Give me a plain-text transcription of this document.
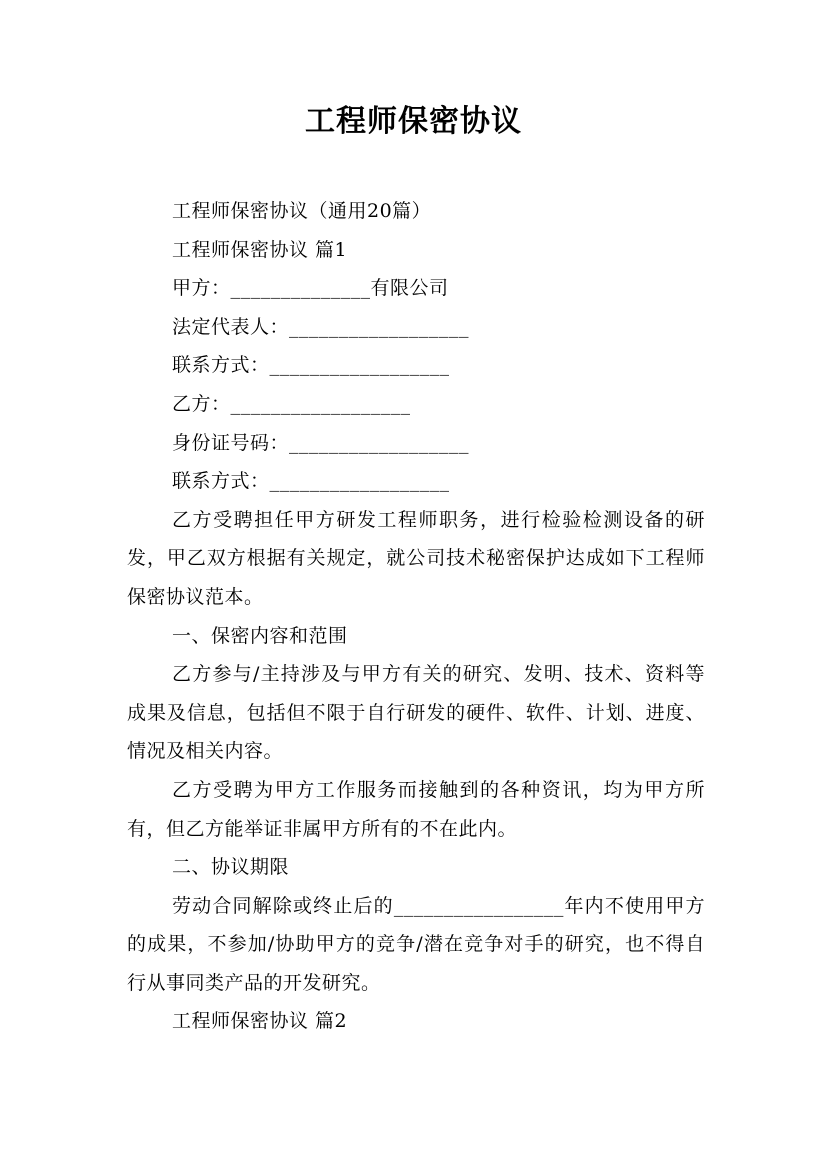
工程师保密协议

工程师保密协议（通用20篇）

工程师保密协议 篇1

甲方：______________有限公司

法定代表人：__________________

联系方式：__________________

乙方：__________________

身份证号码：__________________

联系方式：__________________

乙方受聘担任甲方研发工程师职务，进行检验检测设备的研发，甲乙双方根据有关规定，就公司技术秘密保护达成如下工程师保密协议范本。

一、保密内容和范围

乙方参与/主持涉及与甲方有关的研究、发明、技术、资料等成果及信息，包括但不限于自行研发的硬件、软件、计划、进度、情况及相关内容。

乙方受聘为甲方工作服务而接触到的各种资讯，均为甲方所有，但乙方能举证非属甲方所有的不在此内。

二、协议期限

劳动合同解除或终止后的_________________年内不使用甲方的成果，不参加/协助甲方的竞争/潜在竞争对手的研究，也不得自行从事同类产品的开发研究。

工程师保密协议 篇2
